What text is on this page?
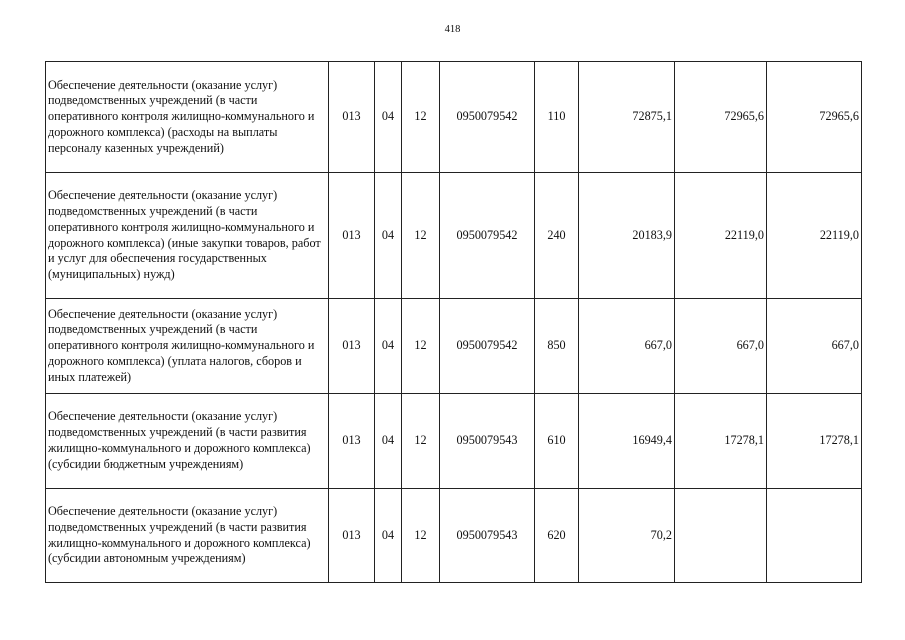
418
Обеспечение деятельности (оказание услуг) подведомственных учреждений (в части оперативного контроля жилищно-коммунального и дорожного комплекса) (расходы на выплаты персоналу казенных учреждений)	013	04	12	0950079542	110	72875,1	72965,6	72965,6
Обеспечение деятельности (оказание услуг) подведомственных учреждений (в части оперативного контроля жилищно-коммунального и дорожного комплекса) (иные закупки товаров, работ и услуг для обеспечения государственных (муниципальных) нужд)	013	04	12	0950079542	240	20183,9	22119,0	22119,0
Обеспечение деятельности (оказание услуг) подведомственных учреждений (в части оперативного контроля жилищно-коммунального и дорожного комплекса) (уплата налогов, сборов и иных платежей)	013	04	12	0950079542	850	667,0	667,0	667,0
Обеспечение деятельности (оказание услуг) подведомственных учреждений (в части развития жилищно-коммунального и дорожного комплекса) (субсидии бюджетным учреждениям)	013	04	12	0950079543	610	16949,4	17278,1	17278,1
Обеспечение деятельности (оказание услуг) подведомственных учреждений (в части развития жилищно-коммунального и дорожного комплекса) (субсидии автономным учреждениям)	013	04	12	0950079543	620	70,2		
